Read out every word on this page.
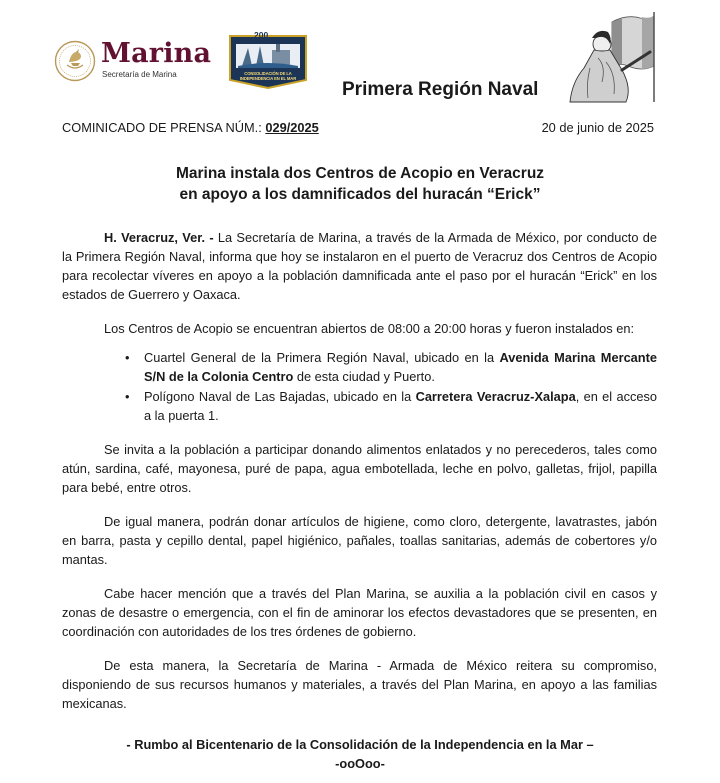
Marina
Secretaría de Marina
200
CONSOLIDACIÓN DE LA INDEPENDENCIA EN EL MAR
Primera Región Naval
COMINICADO DE PRENSA NÚM.: 029/2025	20 de junio de 2025
Marina instala dos Centros de Acopio en Veracruz
en apoyo a los damnificados del huracán “Erick”

H. Veracruz, Ver. - La Secretaría de Marina, a través de la Armada de México, por conducto de la Primera Región Naval, informa que hoy se instalaron en el puerto de Veracruz dos Centros de Acopio para recolectar víveres en apoyo a la población damnificada ante el paso por el huracán “Erick” en los estados de Guerrero y Oaxaca.

Los Centros de Acopio se encuentran abiertos de 08:00 a 20:00 horas y fueron instalados en:

• Cuartel General de la Primera Región Naval, ubicado en la Avenida Marina Mercante S/N de la Colonia Centro de esta ciudad y Puerto.
• Polígono Naval de Las Bajadas, ubicado en la Carretera Veracruz-Xalapa, en el acceso a la puerta 1.

Se invita a la población a participar donando alimentos enlatados y no perecederos, tales como atún, sardina, café, mayonesa, puré de papa, agua embotellada, leche en polvo, galletas, frijol, papilla para bebé, entre otros.

De igual manera, podrán donar artículos de higiene, como cloro, detergente, lavatrastes, jabón en barra, pasta y cepillo dental, papel higiénico, pañales, toallas sanitarias, además de cobertores y/o mantas.

Cabe hacer mención que a través del Plan Marina, se auxilia a la población civil en casos y zonas de desastre o emergencia, con el fin de aminorar los efectos devastadores que se presenten, en coordinación con autoridades de los tres órdenes de gobierno.

De esta manera, la Secretaría de Marina - Armada de México reitera su compromiso, disponiendo de sus recursos humanos y materiales, a través del Plan Marina, en apoyo a las familias mexicanas.

- Rumbo al Bicentenario de la Consolidación de la Independencia en la Mar –
-ooOoo-
